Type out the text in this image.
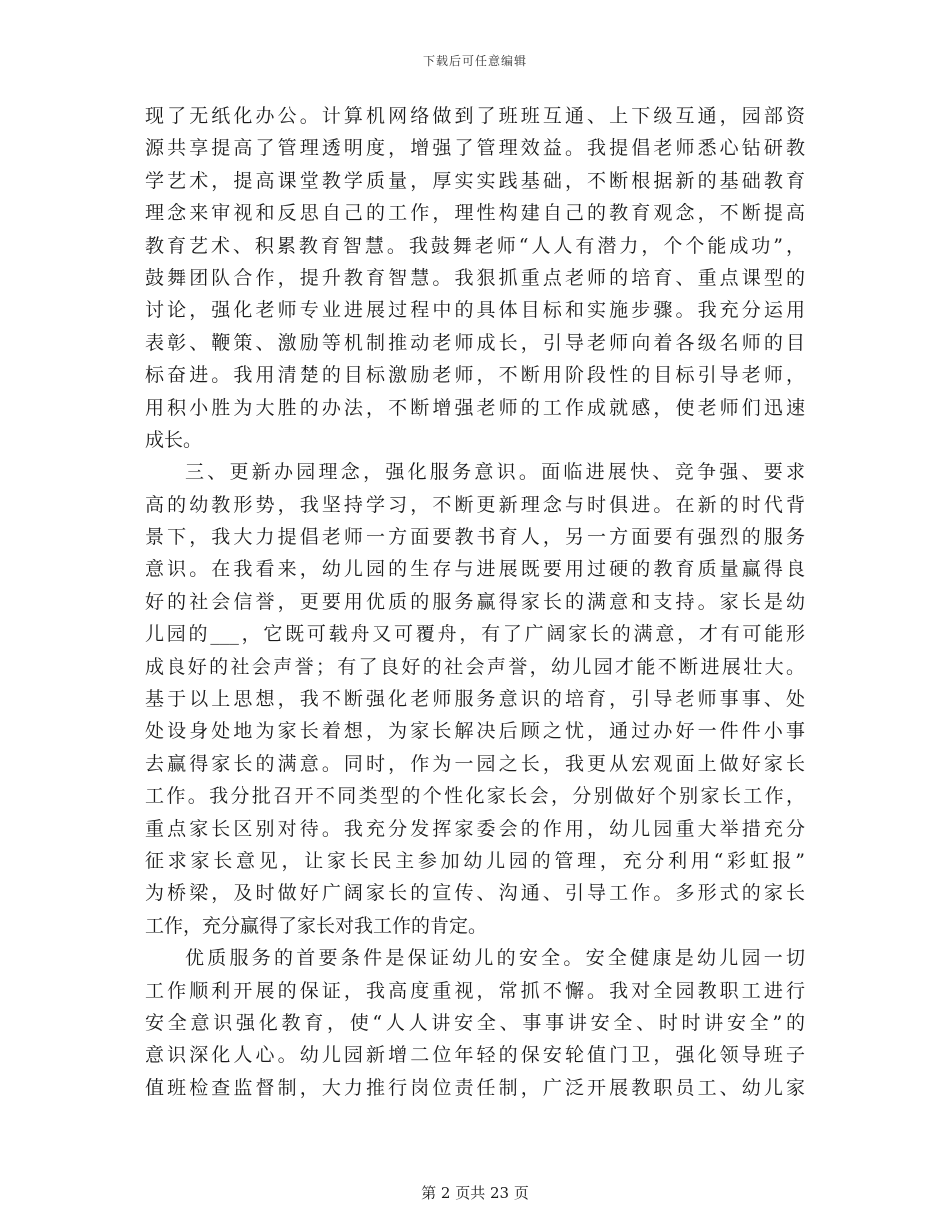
下载后可任意编辑
现了无纸化办公。计算机网络做到了班班互通、上下级互通，园部资
源共享提高了管理透明度，增强了管理效益。我提倡老师悉心钻研教
学艺术，提高课堂教学质量，厚实实践基础，不断根据新的基础教育
理念来审视和反思自己的工作，理性构建自己的教育观念，不断提高
教育艺术、积累教育智慧。我鼓舞老师“人人有潜力，个个能成功”，
鼓舞团队合作，提升教育智慧。我狠抓重点老师的培育、重点课型的
讨论，强化老师专业进展过程中的具体目标和实施步骤。我充分运用
表彰、鞭策、激励等机制推动老师成长，引导老师向着各级名师的目
标奋进。我用清楚的目标激励老师，不断用阶段性的目标引导老师，
用积小胜为大胜的办法，不断增强老师的工作成就感，使老师们迅速
成长。
三、更新办园理念，强化服务意识。面临进展快、竞争强、要求
高的幼教形势，我坚持学习，不断更新理念与时俱进。在新的时代背
景下，我大力提倡老师一方面要教书育人，另一方面要有强烈的服务
意识。在我看来，幼儿园的生存与进展既要用过硬的教育质量赢得良
好的社会信誉，更要用优质的服务赢得家长的满意和支持。家长是幼
儿园的___，它既可载舟又可覆舟，有了广阔家长的满意，才有可能形
成良好的社会声誉；有了良好的社会声誉，幼儿园才能不断进展壮大。
基于以上思想，我不断强化老师服务意识的培育，引导老师事事、处
处设身处地为家长着想，为家长解决后顾之忧，通过办好一件件小事
去赢得家长的满意。同时，作为一园之长，我更从宏观面上做好家长
工作。我分批召开不同类型的个性化家长会，分别做好个别家长工作，
重点家长区别对待。我充分发挥家委会的作用，幼儿园重大举措充分
征求家长意见，让家长民主参加幼儿园的管理，充分利用“彩虹报”
为桥梁，及时做好广阔家长的宣传、沟通、引导工作。多形式的家长
工作，充分赢得了家长对我工作的肯定。
优质服务的首要条件是保证幼儿的安全。安全健康是幼儿园一切
工作顺利开展的保证，我高度重视，常抓不懈。我对全园教职工进行
安全意识强化教育，使“人人讲安全、事事讲安全、时时讲安全”的
意识深化人心。幼儿园新增二位年轻的保安轮值门卫，强化领导班子
值班检查监督制，大力推行岗位责任制，广泛开展教职员工、幼儿家
第 2 页共 23 页
